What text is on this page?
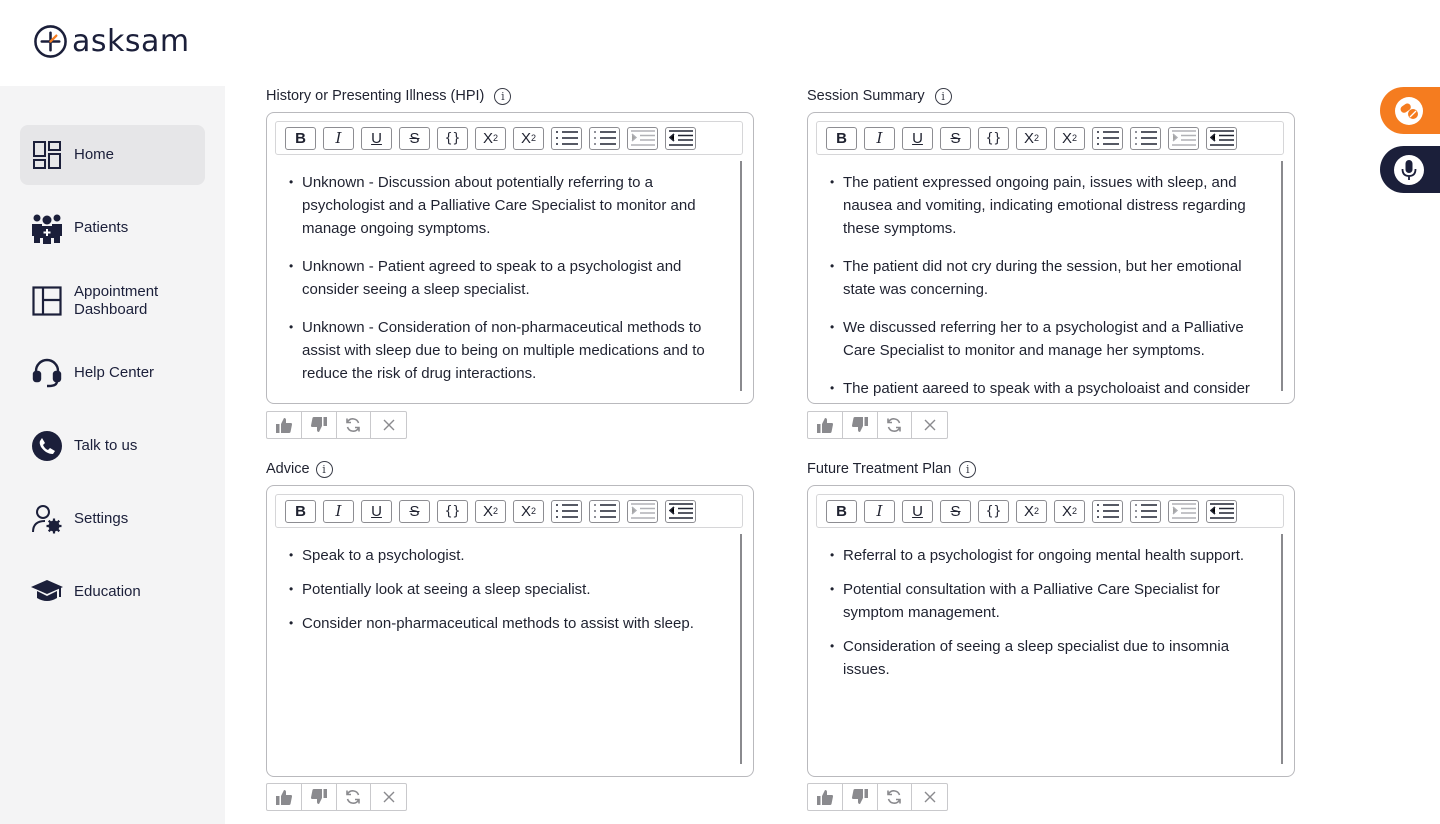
asksam
Home
Patients
Appointment Dashboard
Help Center
Talk to us
Settings
Education
History or Presenting Illness (HPI)	i
B	I	U	S	{}	X 2 X 2
• Unknown - Discussion about potentially referring to a psychologist and a Palliative Care Specialist to monitor and manage ongoing symptoms.
• Unknown - Patient agreed to speak to a psychologist and consider seeing a sleep specialist.
• Unknown - Consideration of non-pharmaceutical methods to assist with sleep due to being on multiple medications and to reduce the risk of drug interactions.
Session Summary	i
B	I	U	S	{}	X 2 X 2
• The patient expressed ongoing pain, issues with sleep, and nausea and vomiting, indicating emotional distress regarding these symptoms.
• The patient did not cry during the session, but her emotional state was concerning.
• We discussed referring her to a psychologist and a Palliative Care Specialist to monitor and manage her symptoms.
• The patient aareed to speak with a psycholoaist and consider
Advice	i
B	I	U	S	{}	X 2 X 2
• Speak to a psychologist.
• Potentially look at seeing a sleep specialist.
• Consider non-pharmaceutical methods to assist with sleep.
Future Treatment Plan	i
B	I	U	S	{}	X 2 X 2
• Referral to a psychologist for ongoing mental health support.
• Potential consultation with a Palliative Care Specialist for symptom management.
• Consideration of seeing a sleep specialist due to insomnia issues.
